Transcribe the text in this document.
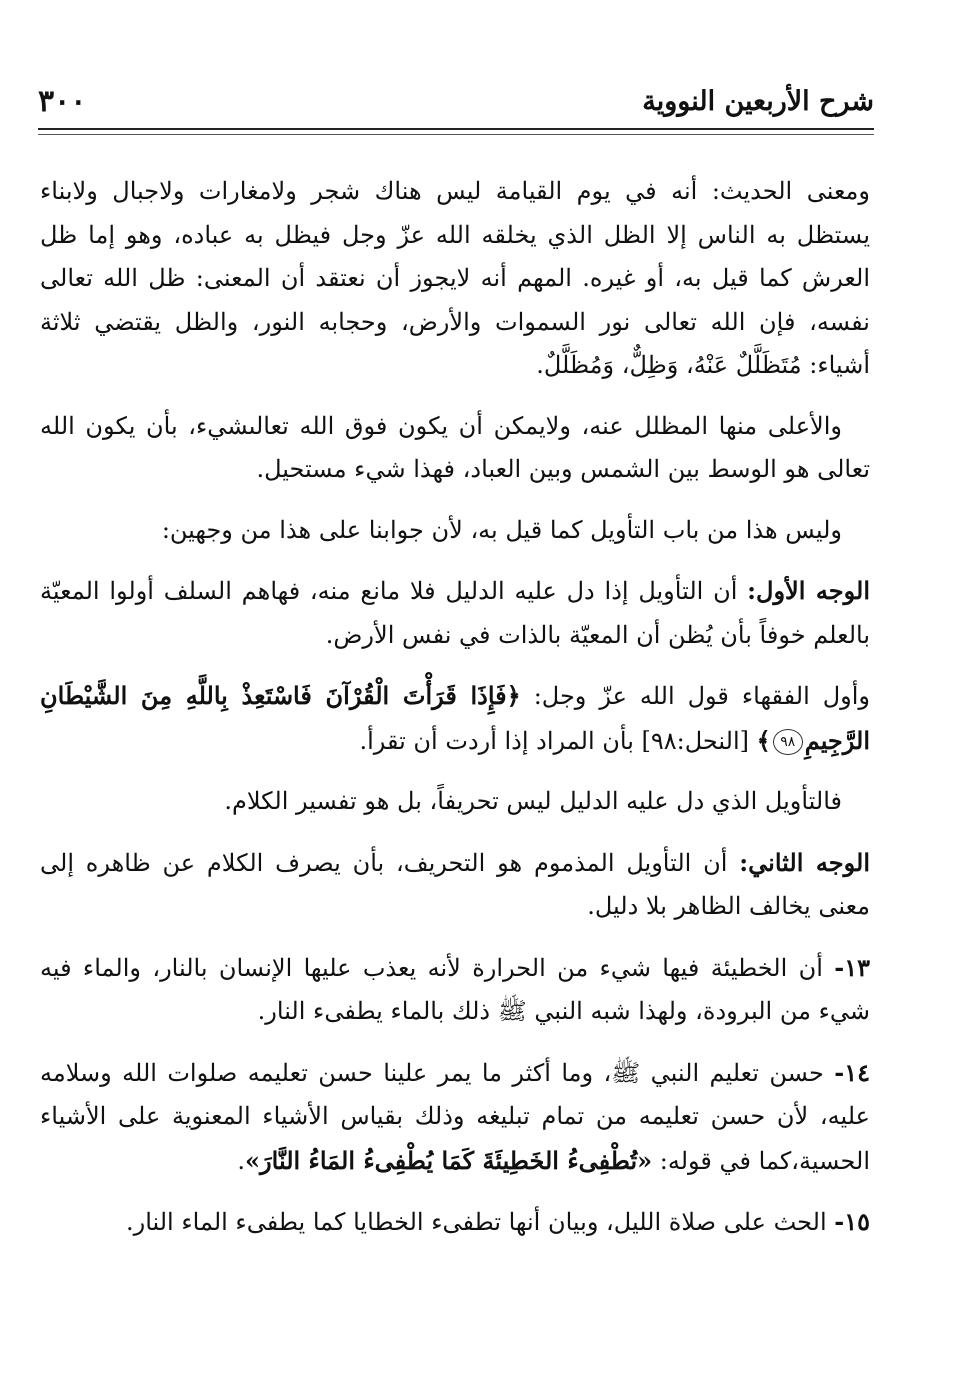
٣٠٠	شرح الأربعين النووية

ومعنى الحديث: أنه في يوم القيامة ليس هناك شجر ولامغارات ولاجبال ولابناء يستظل به الناس إلا الظل الذي يخلقه الله عزّ وجل فيظل به عباده، وهو إما ظل العرش كما قيل به، أو غيره. المهم أنه لايجوز أن نعتقد أن المعنى: ظل الله تعالى نفسه، فإن الله تعالى نور السموات والأرض، وحجابه النور، والظل يقتضي ثلاثة أشياء: مُتَظَلَّلٌ عَنْهُ، وَظِلٌّ، وَمُظَلَّلٌ.

والأعلى منها المظلل عنه، ولايمكن أن يكون فوق الله تعالىشيء، بأن يكون الله تعالى هو الوسط بين الشمس وبين العباد، فهذا شيء مستحيل.

وليس هذا من باب التأويل كما قيل به، لأن جوابنا على هذا من وجهين:

الوجه الأول: أن التأويل إذا دل عليه الدليل فلا مانع منه، فهاهم السلف أولوا المعيّة بالعلم خوفاً بأن يُظن أن المعيّة بالذات في نفس الأرض.

وأول الفقهاء قول الله عزّ وجل: ﴿فَإِذَا قَرَأْتَ الْقُرْآنَ فَاسْتَعِذْ بِاللَّهِ مِنَ الشَّيْطَانِ الرَّجِيمِ٩٨﴾ [النحل:٩٨] بأن المراد إذا أردت أن تقرأ.

فالتأويل الذي دل عليه الدليل ليس تحريفاً، بل هو تفسير الكلام.

الوجه الثاني: أن التأويل المذموم هو التحريف، بأن يصرف الكلام عن ظاهره إلى معنى يخالف الظاهر بلا دليل.

١٣- أن الخطيئة فيها شيء من الحرارة لأنه يعذب عليها الإنسان بالنار، والماء فيه شيء من البرودة، ولهذا شبه النبي ﷺ ذلك بالماء يطفىء النار.

١٤- حسن تعليم النبي ﷺ، وما أكثر ما يمر علينا حسن تعليمه صلوات الله وسلامه عليه، لأن حسن تعليمه من تمام تبليغه وذلك بقياس الأشياء المعنوية على الأشياء الحسية،كما في قوله: «تُطْفِىءُ الخَطِيئَةَ كَمَا يُطْفِىءُ المَاءُ النَّارَ».

١٥- الحث على صلاة الليل، وبيان أنها تطفىء الخطايا كما يطفىء الماء النار.
